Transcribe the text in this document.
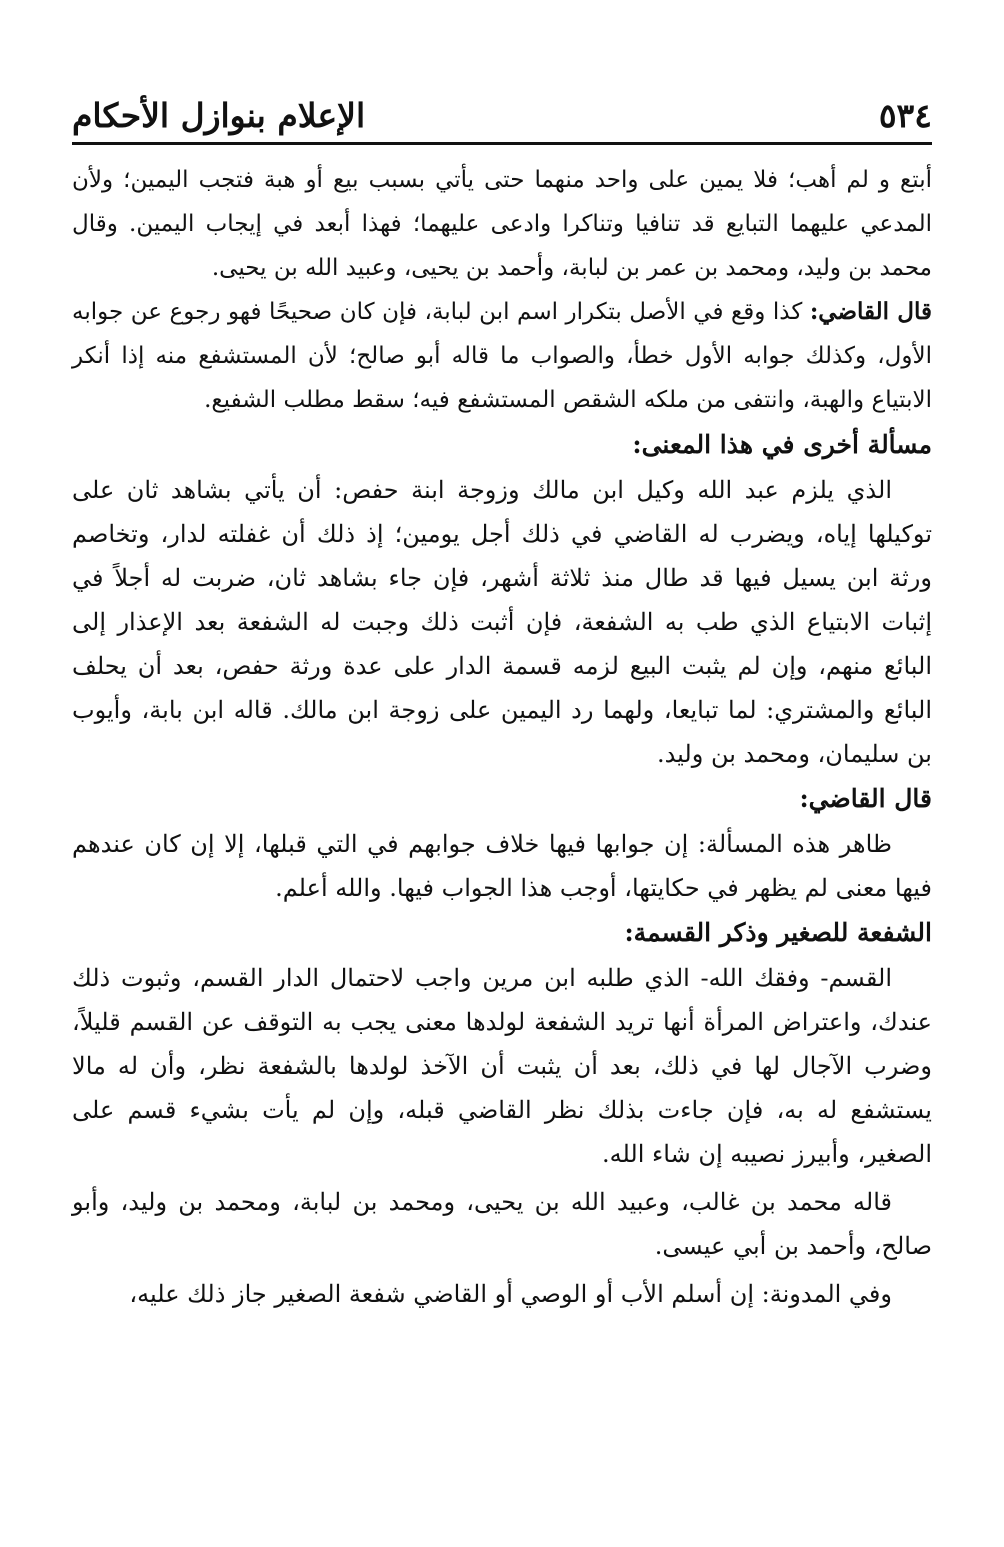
٥٣٤
الإعلام بنوازل الأحكام

أبتع و لم أهب؛ فلا يمين على واحد منهما حتى يأتي بسبب بيع أو هبة فتجب اليمين؛ ولأن المدعي عليهما التبايع قد تنافيا وتناكرا وادعى عليهما؛ فهذا أبعد في إيجاب اليمين. وقال محمد بن وليد، ومحمد بن عمر بن لبابة، وأحمد بن يحيى، وعبيد الله بن يحيى.

قال القاضي: كذا وقع في الأصل بتكرار اسم ابن لبابة، فإن كان صحيحًا فهو رجوع عن جوابه الأول، وكذلك جوابه الأول خطأ، والصواب ما قاله أبو صالح؛ لأن المستشفع منه إذا أنكر الابتياع والهبة، وانتفى من ملكه الشقص المستشفع فيه؛ سقط مطلب الشفيع.

مسألة أخرى في هذا المعنى:

الذي يلزم عبد الله وكيل ابن مالك وزوجة ابنة حفص: أن يأتي بشاهد ثان على توكيلها إياه، ويضرب له القاضي في ذلك أجل يومين؛ إذ ذلك أن غفلته لدار، وتخاصم ورثة ابن يسيل فيها قد طال منذ ثلاثة أشهر، فإن جاء بشاهد ثان، ضربت له أجلاً في إثبات الابتياع الذي طب به الشفعة، فإن أثبت ذلك وجبت له الشفعة بعد الإعذار إلى البائع منهم، وإن لم يثبت البيع لزمه قسمة الدار على عدة ورثة حفص، بعد أن يحلف البائع والمشتري: لما تبايعا، ولهما رد اليمين على زوجة ابن مالك. قاله ابن بابة، وأيوب بن سليمان، ومحمد بن وليد.

قال القاضي:

ظاهر هذه المسألة: إن جوابها فيها خلاف جوابهم في التي قبلها، إلا إن كان عندهم فيها معنى لم يظهر في حكايتها، أوجب هذا الجواب فيها. والله أعلم.

الشفعة للصغير وذكر القسمة:

القسم- وفقك الله- الذي طلبه ابن مرين واجب لاحتمال الدار القسم، وثبوت ذلك عندك، واعتراض المرأة أنها تريد الشفعة لولدها معنى يجب به التوقف عن القسم قليلاً، وضرب الآجال لها في ذلك، بعد أن يثبت أن الآخذ لولدها بالشفعة نظر، وأن له مالا يستشفع له به، فإن جاءت بذلك نظر القاضي قبله، وإن لم يأت بشيء قسم على الصغير، وأبيرز نصيبه إن شاء الله.

قاله محمد بن غالب، وعبيد الله بن يحيى، ومحمد بن لبابة، ومحمد بن وليد، وأبو صالح، وأحمد بن أبي عيسى.

وفي المدونة: إن أسلم الأب أو الوصي أو القاضي شفعة الصغير جاز ذلك عليه،
